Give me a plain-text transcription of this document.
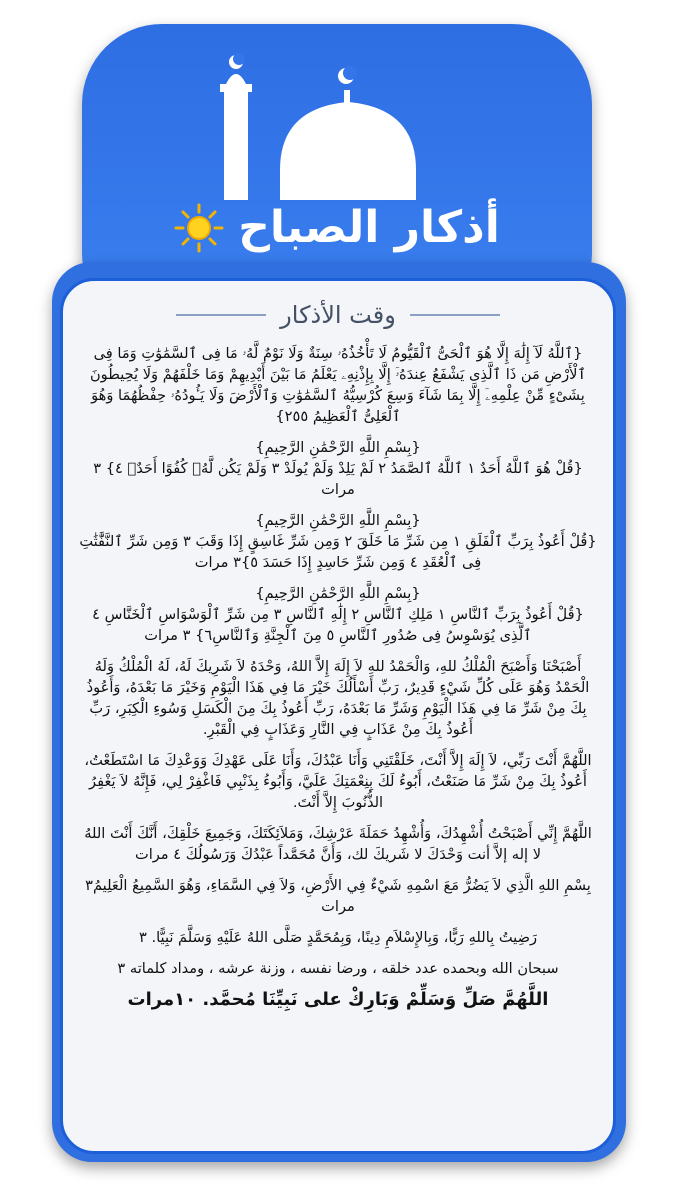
أذكار الصباح
وقت الأذكار

{ٱللَّهُ لَآ إِلَٰهَ إِلَّا هُوَ ٱلْحَىُّ ٱلْقَيُّومُ لَا تَأْخُذُهُۥ سِنَةٌ وَلَا نَوْمٌ لَّهُۥ مَا فِى ٱلسَّمَٰوَٰتِ وَمَا فِى ٱلْأَرْضِ مَن ذَا ٱلَّذِى يَشْفَعُ عِندَهُۥٓ إِلَّا بِإِذْنِهِۦ يَعْلَمُ مَا بَيْنَ أَيْدِيهِمْ وَمَا خَلْفَهُمْ وَلَا يُحِيطُونَ بِشَىْءٍ مِّنْ عِلْمِهِۦٓ إِلَّا بِمَا شَآءَ وَسِعَ كُرْسِيُّهُ ٱلسَّمَٰوَٰتِ وَٱلْأَرْضَ وَلَا يَـُٔودُهُۥ حِفْظُهُمَا وَهُوَ ٱلْعَلِىُّ ٱلْعَظِيمُ ٢٥٥}

{بِسْمِ اللَّهِ الرَّحْمَٰنِ الرَّحِيمِ}
{قُلْ هُوَ ٱللَّهُ أَحَدٌ ١ ٱللَّهُ ٱلصَّمَدُ ٢ لَمْ يَلِدْ وَلَمْ يُولَدْ ٣ وَلَمْ يَكُن لَّهُۥ كُفُوًا أَحَدٌۢ ٤} ٣ مرات

{بِسْمِ اللَّهِ الرَّحْمَٰنِ الرَّحِيمِ}
{قُلْ أَعُوذُ بِرَبِّ ٱلْفَلَقِ ١ مِن شَرِّ مَا خَلَقَ ٢ وَمِن شَرِّ غَاسِقٍ إِذَا وَقَبَ ٣ وَمِن شَرِّ ٱلنَّفَّٰثَٰتِ فِى ٱلْعُقَدِ ٤ وَمِن شَرِّ حَاسِدٍ إِذَا حَسَدَ ٥}٣ مرات

{بِسْمِ اللَّهِ الرَّحْمَٰنِ الرَّحِيمِ}
{قُلْ أَعُوذُ بِرَبِّ ٱلنَّاسِ ١ مَلِكِ ٱلنَّاسِ ٢ إِلَٰهِ ٱلنَّاسِ ٣ مِن شَرِّ ٱلْوَسْوَاسِ ٱلْخَنَّاسِ ٤ ٱلَّذِى يُوَسْوِسُ فِى صُدُورِ ٱلنَّاسِ ٥ مِنَ ٱلْجِنَّةِ وَٱلنَّاسِ٦} ٣ مرات

أَصْبَحْنَا وَأَصْبَحَ الْمُلْكُ للهِ، وَالْحَمْدُ للهِ لاَ إِلَهَ إِلاَّ اللهُ، وَحْدَهُ لاَ شَرِيكَ لَهُ، لَهُ الْمُلْكُ وَلَهُ الْحَمْدُ وَهُوَ عَلَى كُلِّ شَيْءٍ قَدِيرٌ، رَبِّ أَسْأَلُكَ خَيْرَ مَا فِي هَذَا الْيَوْمِ وَخَيْرَ مَا بَعْدَهُ، وَأَعُوذُ بِكَ مِنْ شَرِّ مَا فِي هَذَا الْيَوْمِ وَشَرِّ مَا بَعْدَهُ، رَبِّ أَعُوذُ بِكَ مِنَ الْكَسَلِ وَسُوءِ الْكِبَرِ، رَبِّ أَعُوذُ بِكَ مِنْ عَذَابٍ فِي النَّارِ وَعَذَابٍ فِي الْقَبْرِ.

اللَّهُمَّ أَنْتَ رَبِّي، لاَ إِلَهَ إِلاَّ أَنْتَ، خَلَقْتَنِي وَأَنَا عَبْدُكَ، وَأَنَا عَلَى عَهْدِكَ وَوَعْدِكَ مَا اسْتَطَعْتُ، أَعُوذُ بِكَ مِنْ شَرِّ مَا صَنَعْتُ، أَبُوءُ لَكَ بِنِعْمَتِكَ عَلَيَّ، وَأَبُوءُ بِذَنْبِي فَاغْفِرْ لِي، فَإِنَّهُ لاَ يَغْفِرُ الذُّنُوبَ إِلاَّ أَنْتَ.

اللَّهُمَّ إِنِّي أَصْبَحْتُ أُشْهِدُكَ، وَأُشْهِدُ حَمَلَةَ عَرْشِكَ، وَمَلاَئِكَتَكَ، وَجَمِيعَ خَلْقِكَ، أَنَّكَ أَنْتَ اللهُ لا إله إلاَّ أنت وَحْدَكَ لا شَريكَ لك، وَأَنَّ مُحَمَّداً عَبْدُكَ وَرَسُولُكَ ٤ مرات

بِسْمِ اللهِ الَّذِي لاَ يَضُرُّ مَعَ اسْمِهِ شَيْءٌ فِي الأَرْضِ، وَلاَ فِي السَّمَاءِ، وَهُوَ السَّمِيعُ الْعَلِيمُ٣ مرات

رَضِيتُ بِاللهِ رَبًّا، وَبِالإِسْلاَمِ دِينًا، وَبِمُحَمَّدٍ صَلَّى اللهُ عَلَيْهِ وَسَلَّمَ نَبِيًّا. ٣

سبحان الله وبحمده عدد خلقه ، ورضا نفسه ، وزنة عرشه ، ومداد كلماته ٣

اللَّهُمَّ صَلِّ وَسَلِّمْ وَبَارِكْ على نَبِيِّنَا مُحمَّد. ١٠مرات
